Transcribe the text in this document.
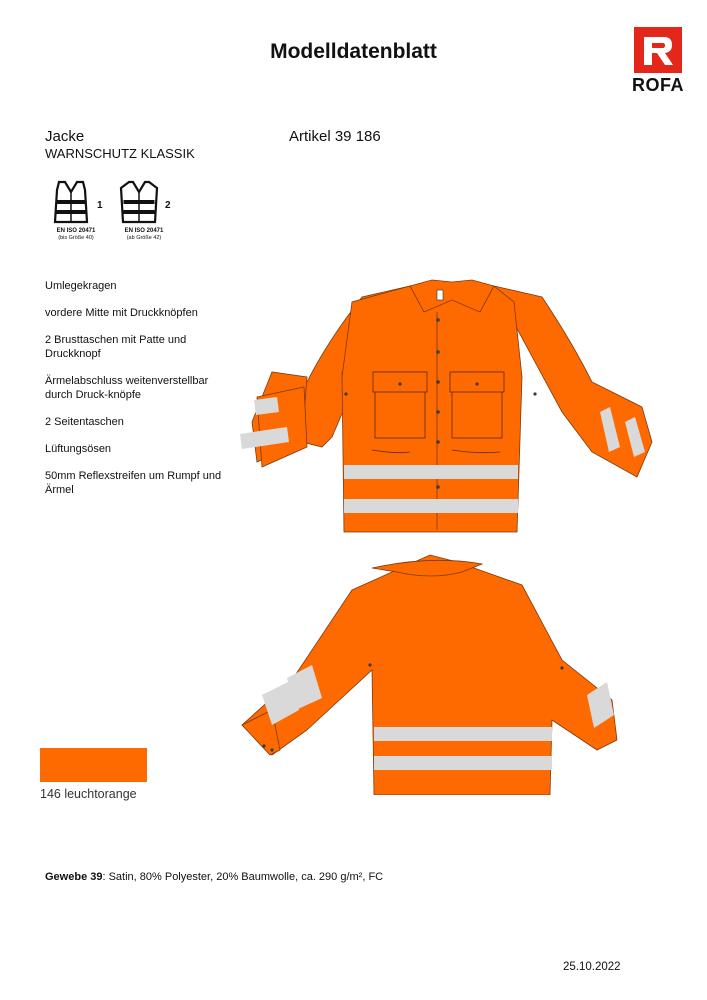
Modelldatenblatt
ROFA
Jacke
WARNSCHUTZ KLASSIK
Artikel 39 186
1
EN ISO 20471
(bis Größe 40)
2
EN ISO 20471
(ab Größe 42)
Umlegekragen
vordere Mitte mit Druckknöpfen
2 Brusttaschen mit Patte und Druckknopf
Ärmelabschluss weitenverstellbar durch Druck-knöpfe
2 Seitentaschen
Lüftungsösen
50mm Reflexstreifen um Rumpf und Ärmel
146 leuchtorange
Gewebe 39: Satin, 80% Polyester, 20% Baumwolle, ca. 290 g/m², FC
25.10.2022
